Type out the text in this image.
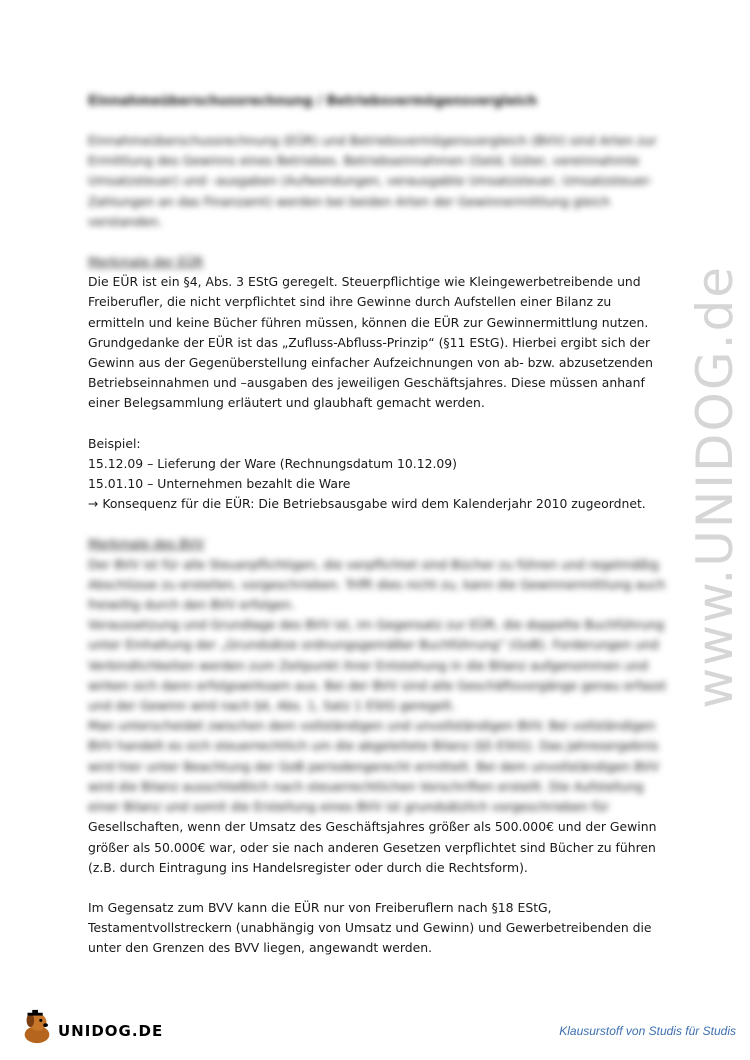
Einnahmeüberschussrechnung / Betriebsvermögensvergleich

Einnahmeüberschussrechnung (EÜR) und Betriebsvermögensvergleich (BVV) sind Arten zur Ermittlung des Gewinns eines Betriebes. Betriebseinnahmen (Geld, Güter, vereinnahmte Umsatzsteuer) und –ausgaben (Aufwendungen, verausgabte Umsatzsteuer, Umsatzsteuer-Zahlungen an das Finanzamt) werden bei beiden Arten der Gewinnermittlung gleich verstanden.

Merkmale der EÜR

Die EÜR ist ein §4, Abs. 3 EStG geregelt. Steuerpflichtige wie Kleingewerbetreibende und Freiberufler, die nicht verpflichtet sind ihre Gewinne durch Aufstellen einer Bilanz zu ermitteln und keine Bücher führen müssen, können die EÜR zur Gewinnermittlung nutzen. Grundgedanke der EÜR ist das „Zufluss-Abfluss-Prinzip“ (§11 EStG). Hierbei ergibt sich der Gewinn aus der Gegenüberstellung einfacher Aufzeichnungen von ab- bzw. abzusetzenden Betriebseinnahmen und –ausgaben des jeweiligen Geschäftsjahres. Diese müssen anhanf einer Belegsammlung erläutert und glaubhaft gemacht werden.

Beispiel:

15.12.09 – Lieferung der Ware (Rechnungsdatum 10.12.09)

15.01.10 – Unternehmen bezahlt die Ware

→ Konsequenz für die EÜR: Die Betriebsausgabe wird dem Kalenderjahr 2010 zugeordnet.

Merkmale des BVV

Der BVV ist für alle Steuerpflichtigen, die verpflichtet sind Bücher zu führen und regelmäßig Abschlüsse zu erstellen, vorgeschrieben. Trifft dies nicht zu, kann die Gewinnermittlung auch freiwillig durch den BVV erfolgen.

Voraussetzung und Grundlage des BVV ist, im Gegensatz zur EÜR, die doppelte Buchführung unter Einhaltung der „Grundsätze ordnungsgemäßer Buchführung“ (GoB). Forderungen und Verbindlichkeiten werden zum Zeitpunkt ihrer Entstehung in die Bilanz aufgenommen und wirken sich dann erfolgswirksam aus. Bei der BVV sind alle Geschäftsvorgänge genau erfasst und der Gewinn wird nach §4, Abs. 1, Satz 1 EStG geregelt.

Man unterscheidet zwischen dem vollständigen und unvollständigen BVV. Bei vollständigen BVV handelt es sich steuerrechtlich um die abgeleitete Bilanz (§5 EStG). Das Jahresergebnis wird hier unter Beachtung der GoB periodengerecht ermittelt. Bei dem unvollständigen BVV wird die Bilanz ausschließlich nach steuerrechtlichen Vorschriften erstellt. Die Aufstellung einer Bilanz und somit die Erstellung eines BVV ist grundsätzlich vorgeschrieben für

Gesellschaften, wenn der Umsatz des Geschäftsjahres größer als 500.000€ und der Gewinn größer als 50.000€ war, oder sie nach anderen Gesetzen verpflichtet sind Bücher zu führen (z.B. durch Eintragung ins Handelsregister oder durch die Rechtsform).

Im Gegensatz zum BVV kann die EÜR nur von Freiberuflern nach §18 EStG, Testamentvollstreckern (unabhängig von Umsatz und Gewinn) und Gewerbetreibenden die unter den Grenzen des BVV liegen, angewandt werden.

www.UNIDOG.de
UNIDOG.DE	Klausurstoff von Studis für Studis
